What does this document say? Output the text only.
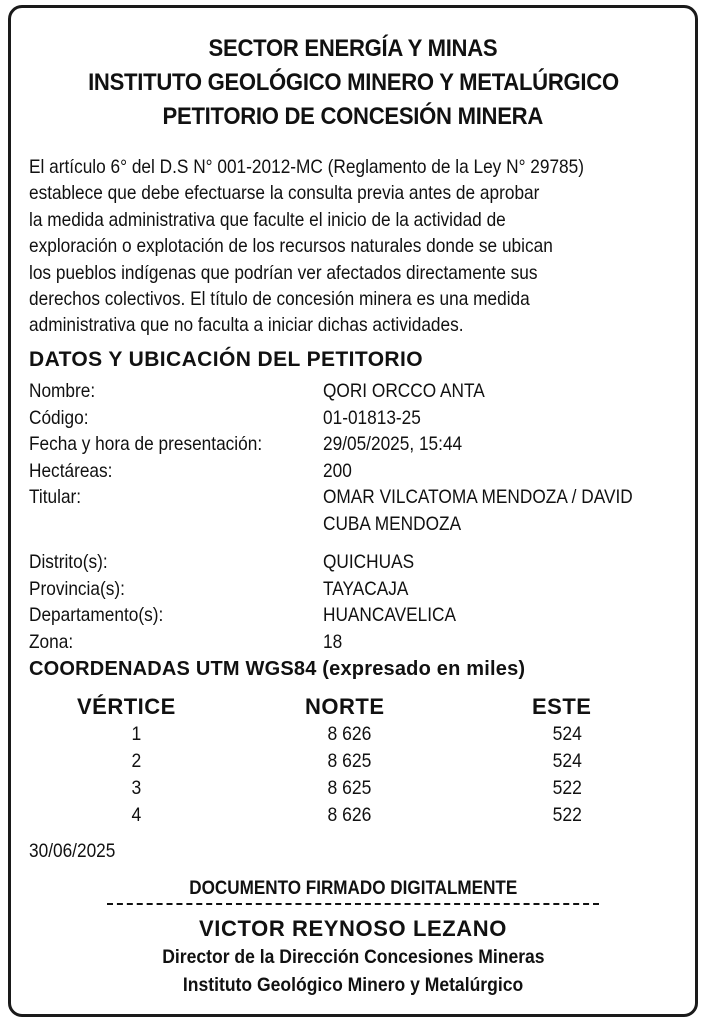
SECTOR ENERGÍA Y MINAS
INSTITUTO GEOLÓGICO MINERO Y METALÚRGICO
PETITORIO DE CONCESIÓN MINERA
El artículo 6° del D.S N° 001-2012-MC (Reglamento de la Ley N° 29785)
establece que debe efectuarse la consulta previa antes de aprobar
la medida administrativa que faculte el inicio de la actividad de
exploración o explotación de los recursos naturales donde se ubican
los pueblos indígenas que podrían ver afectados directamente sus
derechos colectivos. El título de concesión minera es una medida
administrativa que no faculta a iniciar dichas actividades.
DATOS Y UBICACIÓN DEL PETITORIO
Nombre:	QORI ORCCO ANTA
Código:	01-01813-25
Fecha y hora de presentación:	29/05/2025, 15:44
Hectáreas:	200
Titular:	OMAR VILCATOMA MENDOZA / DAVID
CUBA MENDOZA
Distrito(s):	QUICHUAS
Provincia(s):	TAYACAJA
Departamento(s):	HUANCAVELICA
Zona:	18
COORDENADAS UTM WGS84 (expresado en miles)
VÉRTICE	NORTE	ESTE
1	8 626	524
2	8 625	524
3	8 625	522
4	8 626	522
30/06/2025
DOCUMENTO FIRMADO DIGITALMENTE
VICTOR REYNOSO LEZANO
Director de la Dirección Concesiones Mineras
Instituto Geológico Minero y Metalúrgico
